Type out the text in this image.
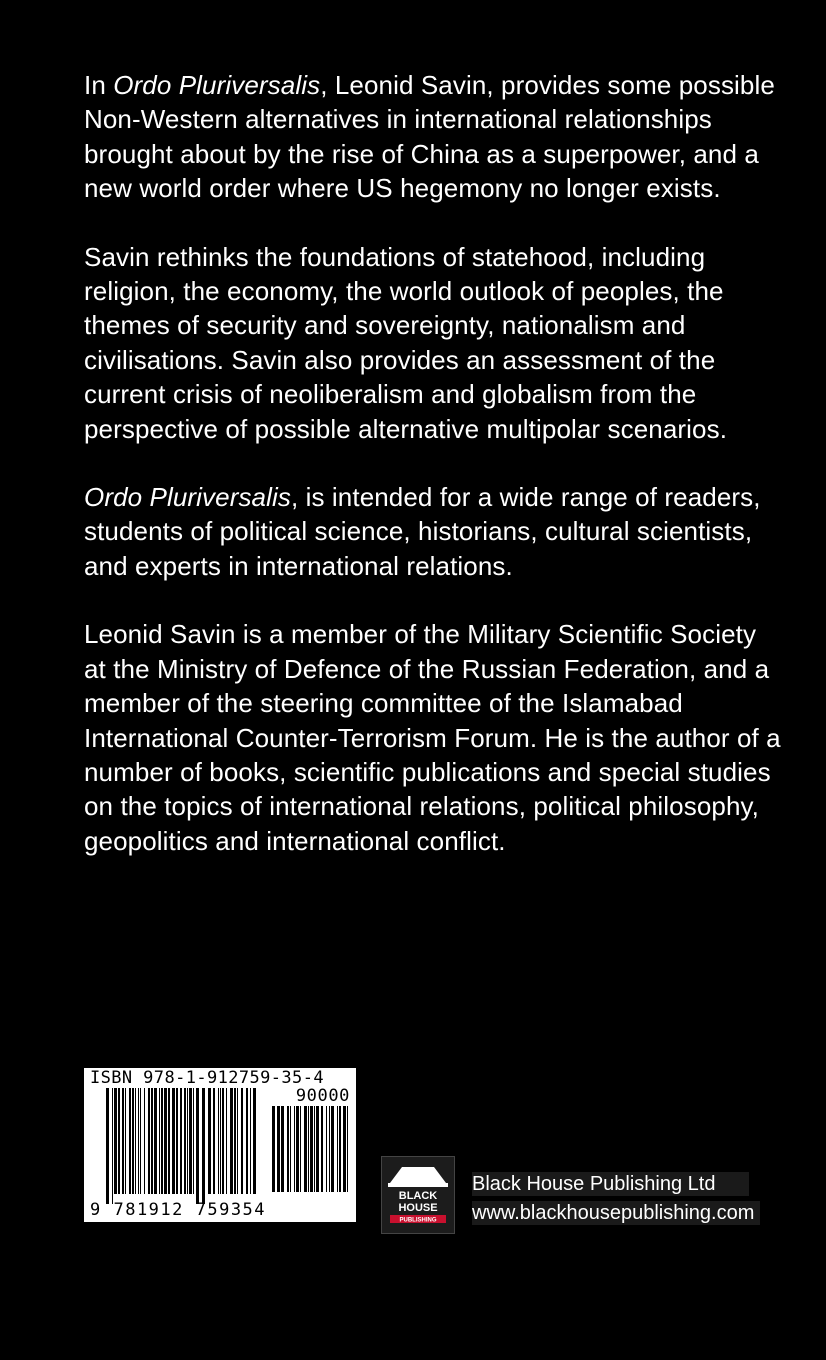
In Ordo Pluriversalis, Leonid Savin, provides some possible Non-Western alternatives in international relationships brought about by the rise of China as a superpower, and a new world order where US hegemony no longer exists.

Savin rethinks the foundations of statehood, including religion, the economy, the world outlook of peoples, the themes of security and sovereignty, nationalism and civilisations. Savin also provides an assessment of the current crisis of neoliberalism and globalism from the perspective of possible alternative multipolar scenarios.

Ordo Pluriversalis, is intended for a wide range of readers, students of political science, historians, cultural scientists, and experts in international relations.

Leonid Savin is a member of the Military Scientific Society at the Ministry of Defence of the Russian Federation, and a member of the steering committee of the Islamabad International Counter-Terrorism Forum. He is the author of a number of books, scientific publications and special studies on the topics of international relations, political philosophy, geopolitics and international conflict.

ISBN 978-1-912759-35-4
90000
9 781912 759354
BLACK
HOUSE
PUBLISHING
Black House Publishing Ltd
www.blackhousepublishing.com
